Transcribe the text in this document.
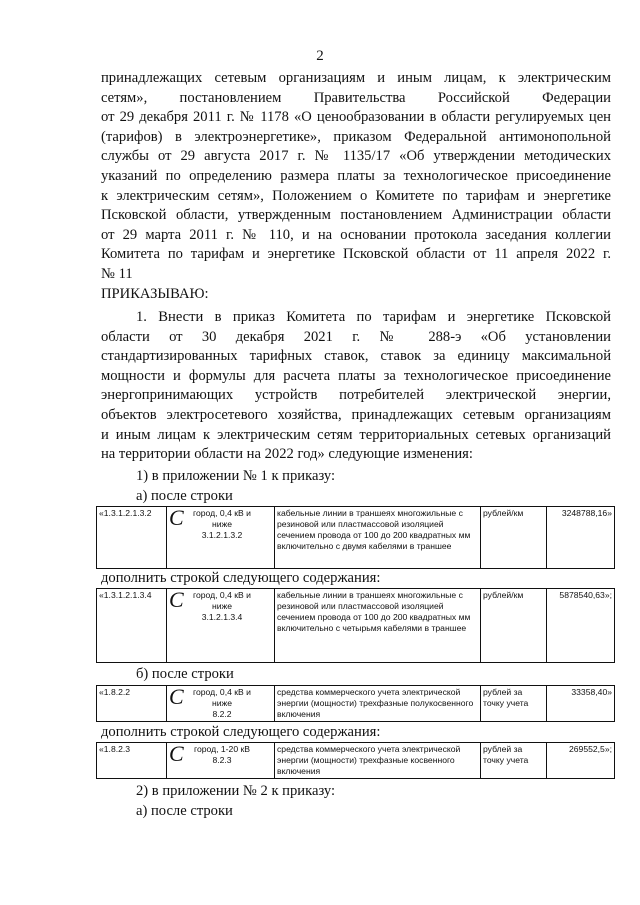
2
принадлежащих сетевым организациям и иным лицам, к электрическим
сетям», постановлением Правительства Российской Федерации
от 29 декабря 2011 г. № 1178 «О ценообразовании в области регулируемых цен
(тарифов) в электроэнергетике», приказом Федеральной антимонопольной
службы от 29 августа 2017 г. № 1135/17 «Об утверждении методических
указаний по определению размера платы за технологическое присоединение
к электрическим сетям», Положением о Комитете по тарифам и энергетике
Псковской области, утвержденным постановлением Администрации области
от 29 марта 2011 г. № 110, и на основании протокола заседания коллегии
Комитета по тарифам и энергетике Псковской области от 11 апреля 2022 г.
№ 11
ПРИКАЗЫВАЮ:
1. Внести в приказ Комитета по тарифам и энергетике Псковской
области от 30 декабря 2021 г. № 288-э «Об установлении
стандартизированных тарифных ставок, ставок за единицу максимальной
мощности и формулы для расчета платы за технологическое присоединение
энергопринимающих устройств потребителей электрической энергии,
объектов электросетевого хозяйства, принадлежащих сетевым организациям
и иным лицам к электрическим сетям территориальных сетевых организаций
на территории области на 2022 год» следующие изменения:
1) в приложении № 1 к приказу:
а) после строки
«1.3.1.2.1.3.2	С город, 0,4 кВ и ниже
3.1.2.1.3.2
	кабельные линии в траншеях многожильные с резиновой или пластмассовой изоляцией сечением провода от 100 до 200 квадратных мм включительно с двумя кабелями в траншее	рублей/км	3248788,16»
дополнить строкой следующего содержания:
«1.3.1.2.1.3.4	С город, 0,4 кВ и ниже
3.1.2.1.3.4
	кабельные линии в траншеях многожильные с резиновой или пластмассовой изоляцией сечением провода от 100 до 200 квадратных мм включительно с четырьмя кабелями в траншее	рублей/км	5878540,63»;
б) после строки
«1.8.2.2	С город, 0,4 кВ и ниже
8.2.2
	средства коммерческого учета электрической энергии (мощности) трехфазные полукосвенного включения	рублей за точку учета	33358,40»
дополнить строкой следующего содержания:
«1.8.2.3	С город, 1-20 кВ
8.2.3
	средства коммерческого учета электрической энергии (мощности) трехфазные косвенного включения	рублей за точку учета	269552,5»;
2) в приложении № 2 к приказу:
а) после строки
